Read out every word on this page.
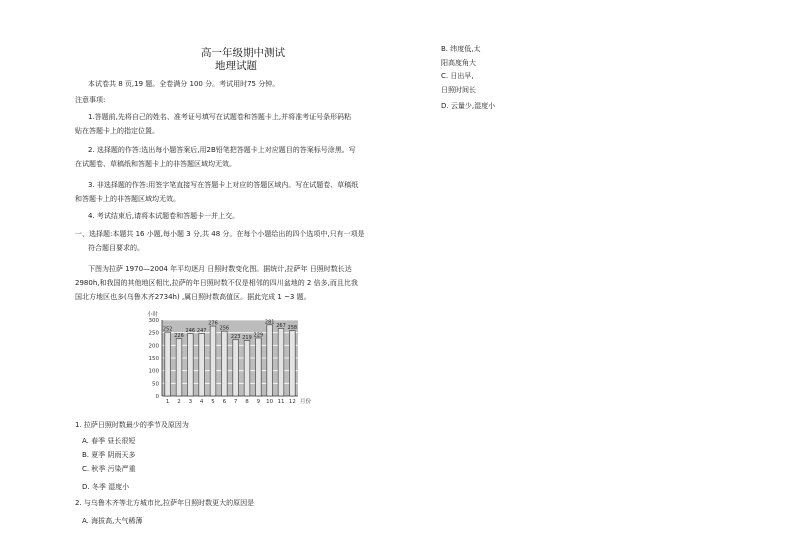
高一年级期中测试
地理试题
本试卷共 8 页,19 题。全卷满分 100 分。考试用时75 分钟。
注意事项:
1.答题前,先将自己的姓名、准考证号填写在试题卷和答题卡上,并将准考证号条形码粘
贴在答题卡上的指定位置。
2. 选择题的作答:选出每小题答案后,用2B铅笔把答题卡上对应题目的答案标号涂黑。写
在试题卷、草稿纸和答题卡上的非答题区域均无效。
3. 非选择题的作答:用签字笔直接写在答题卡上对应的答题区域内。写在试题卷、草稿纸
和答题卡上的非答题区域均无效。
4. 考试结束后,请将本试题卷和答题卡一并上交。
一、选择题:本题共 16 小题,每小题 3 分,共 48 分。在每个小题给出的四个选项中,只有一项是
符合题目要求的。
下图为拉萨 1970—2004 年平均逐月 日照时数变化图。据统计,拉萨年 日照时数长达
2980h,和我国的其他地区相比,拉萨的年日照时数不仅是相邻的四川盆地的 2 倍多,而且比我
国北方地区也多(乌鲁木齐2734h) ,属日照时数高值区。据此完成 1 ~3 题。
0
50
100
150
200
250
300
小时
252
1
226
2
246
3
247
4
276
5
256
6
223
7
219
8
229
9
281
10
267
11
258
12 月份
1. 拉萨日照时数最少的季节及原因为
A. 春季 昼长很短
B. 夏季 阴雨天多
C. 秋季 污染严重
D. 冬季 湿度小
2. 与乌鲁木齐等北方城市比,拉萨年日照时数更大的原因是
A. 海拔高,大气稀薄
B. 纬度低,太
阳高度角大
C. 日出早,
日照时间长
D. 云量少,湿度小
